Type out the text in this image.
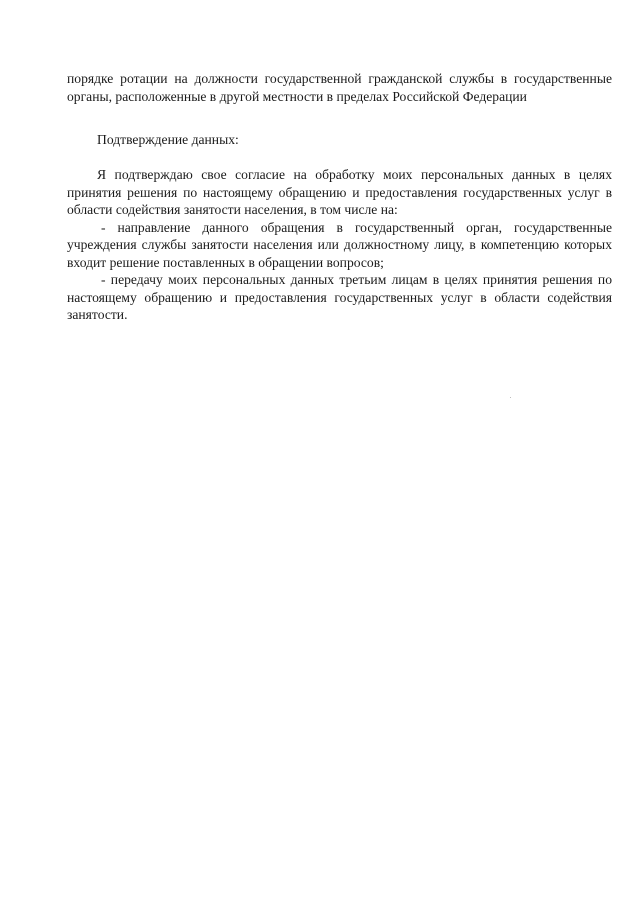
порядке ротации на должности государственной гражданской службы в государственные органы, расположенные в другой местности в пределах Российской Федерации

Подтверждение данных:

Я подтверждаю свое согласие на обработку моих персональных данных в целях принятия решения по настоящему обращению и предоставления государственных услуг в области содействия занятости населения, в том числе на:

- направление данного обращения в государственный орган, государственные учреждения службы занятости населения или должностному лицу, в компетенцию которых входит решение поставленных в обращении вопросов;

- передачу моих персональных данных третьим лицам в целях принятия решения по настоящему обращению и предоставления государственных услуг в области содействия занятости.
